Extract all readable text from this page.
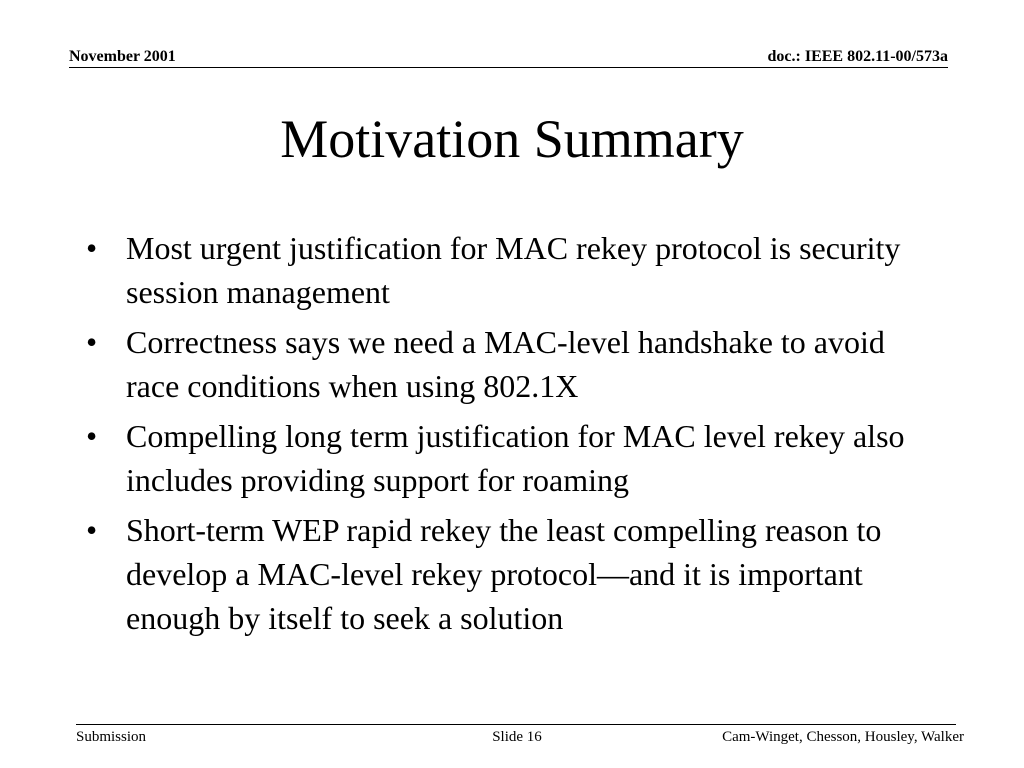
November 2001	doc.: IEEE 802.11-00/573a
Motivation Summary
• Most urgent justification for MAC rekey protocol is security session management
• Correctness says we need a MAC-level handshake to avoid race conditions when using 802.1X
• Compelling long term justification for MAC level rekey also includes providing support for roaming
• Short-term WEP rapid rekey the least compelling reason to develop a MAC-level rekey protocol—and it is important enough by itself to seek a solution
Submission	Slide 16	Cam-Winget, Chesson, Housley, Walker
